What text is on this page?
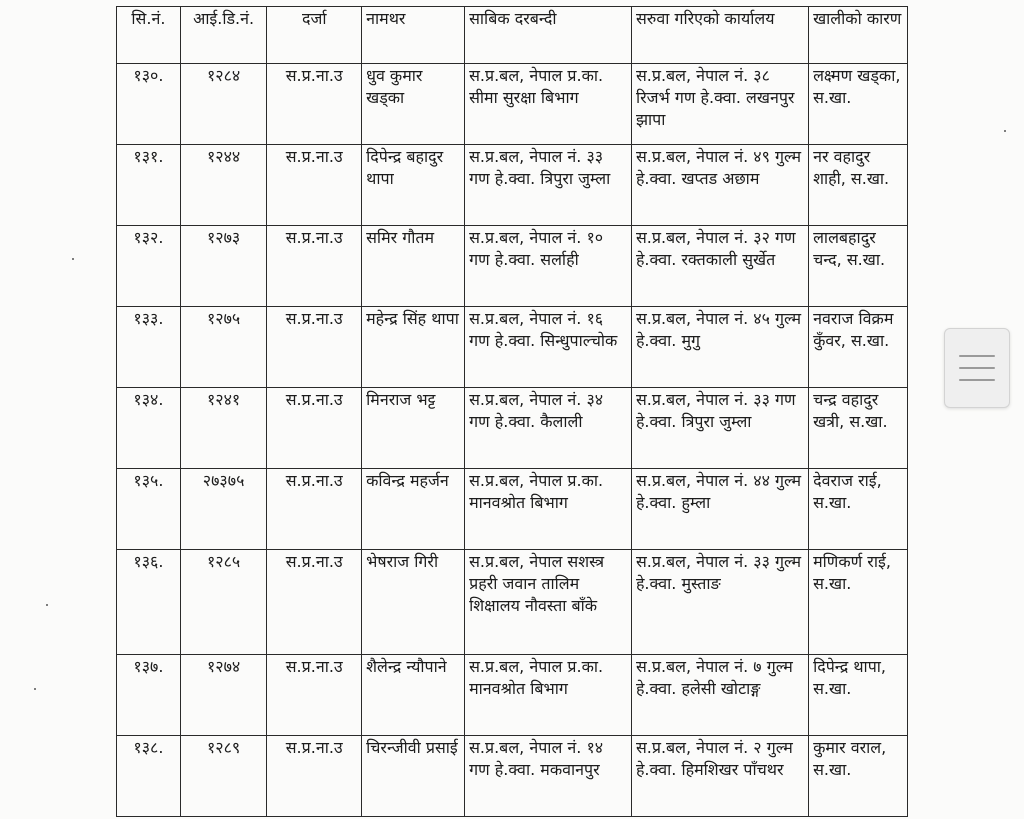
सि.नं.	आई.डि.नं.	दर्जा	नामथर	साबिक दरबन्दी	सरुवा गरिएको कार्यालय	खालीको कारण
१३०.	१२८४	स.प्र.ना.उ	धुव कुमार खड्का	स.प्र.बल, नेपाल प्र.का. सीमा सुरक्षा बिभाग	स.प्र.बल, नेपाल नं. ३८ रिजर्भ गण हे.क्वा. लखनपुर झापा	लक्ष्मण खड्का, स.खा.
१३१.	१२४४	स.प्र.ना.उ	दिपेन्द्र बहादुर थापा	स.प्र.बल, नेपाल नं. ३३ गण हे.क्वा. त्रिपुरा जुम्ला	स.प्र.बल, नेपाल नं. ४९ गुल्म हे.क्वा. खप्तड अछाम	नर वहादुर शाही, स.खा.
१३२.	१२७३	स.प्र.ना.उ	समिर गौतम	स.प्र.बल, नेपाल नं. १० गण हे.क्वा. सर्लाही	स.प्र.बल, नेपाल नं. ३२ गण हे.क्वा. रक्तकाली सुर्खेत	लालबहादुर चन्द, स.खा.
१३३.	१२७५	स.प्र.ना.उ	महेन्द्र सिंह थापा	स.प्र.बल, नेपाल नं. १६ गण हे.क्वा. सिन्धुपाल्चोक	स.प्र.बल, नेपाल नं. ४५ गुल्म हे.क्वा. मुगु	नवराज विक्रम कुँवर, स.खा.
१३४.	१२४१	स.प्र.ना.उ	मिनराज भट्ट	स.प्र.बल, नेपाल नं. ३४ गण हे.क्वा. कैलाली	स.प्र.बल, नेपाल नं. ३३ गण हे.क्वा. त्रिपुरा जुम्ला	चन्द्र वहादुर खत्री, स.खा.
१३५.	२७३७५	स.प्र.ना.उ	कविन्द्र महर्जन	स.प्र.बल, नेपाल प्र.का. मानवश्रोत बिभाग	स.प्र.बल, नेपाल नं. ४४ गुल्म हे.क्वा. हुम्ला	देवराज राई, स.खा.
१३६.	१२८५	स.प्र.ना.उ	भेषराज गिरी	स.प्र.बल, नेपाल सशस्त्र प्रहरी जवान तालिम शिक्षालय नौवस्ता बाँके	स.प्र.बल, नेपाल नं. ३३ गुल्म हे.क्वा. मुस्ताङ	मणिकर्ण राई, स.खा.
१३७.	१२७४	स.प्र.ना.उ	शैलेन्द्र न्यौपाने	स.प्र.बल, नेपाल प्र.का. मानवश्रोत बिभाग	स.प्र.बल, नेपाल नं. ७ गुल्म हे.क्वा. हलेसी खोटाङ्ग	दिपेन्द्र थापा, स.खा.
१३८.	१२८९	स.प्र.ना.उ	चिरन्जीवी प्रसाई	स.प्र.बल, नेपाल नं. १४ गण हे.क्वा. मकवानपुर	स.प्र.बल, नेपाल नं. २ गुल्म हे.क्वा. हिमशिखर पाँचथर	कुमार वराल, स.खा.
